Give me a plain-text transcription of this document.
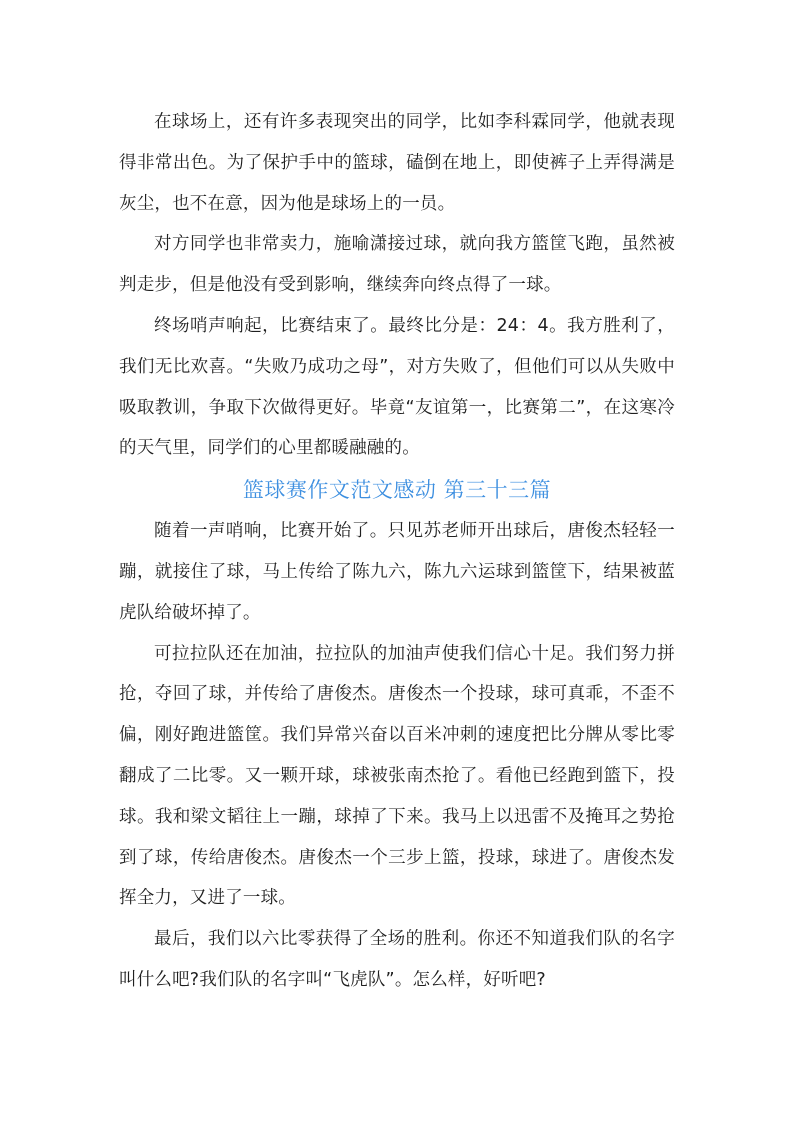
在球场上，还有许多表现突出的同学，比如李科霖同学，他就表现得非常出色。为了保护手中的篮球，磕倒在地上，即使裤子上弄得满是灰尘，也不在意，因为他是球场上的一员。

对方同学也非常卖力，施喻潇接过球，就向我方篮筐飞跑，虽然被判走步，但是他没有受到影响，继续奔向终点得了一球。

终场哨声响起，比赛结束了。最终比分是：24：4。我方胜利了，我们无比欢喜。“失败乃成功之母”，对方失败了，但他们可以从失败中吸取教训，争取下次做得更好。毕竟“友谊第一，比赛第二”，在这寒冷的天气里，同学们的心里都暖融融的。

篮球赛作文范文感动 第三十三篇

随着一声哨响，比赛开始了。只见苏老师开出球后，唐俊杰轻轻一蹦，就接住了球，马上传给了陈九六，陈九六运球到篮筐下，结果被蓝虎队给破坏掉了。

可拉拉队还在加油，拉拉队的加油声使我们信心十足。我们努力拼抢，夺回了球，并传给了唐俊杰。唐俊杰一个投球，球可真乖，不歪不偏，刚好跑进篮筐。我们异常兴奋以百米冲刺的速度把比分牌从零比零翻成了二比零。又一颗开球，球被张南杰抢了。看他已经跑到篮下，投球。我和梁文韬往上一蹦，球掉了下来。我马上以迅雷不及掩耳之势抢到了球，传给唐俊杰。唐俊杰一个三步上篮，投球，球进了。唐俊杰发挥全力，又进了一球。

最后，我们以六比零获得了全场的胜利。你还不知道我们队的名字叫什么吧?我们队的名字叫“飞虎队”。怎么样，好听吧?
